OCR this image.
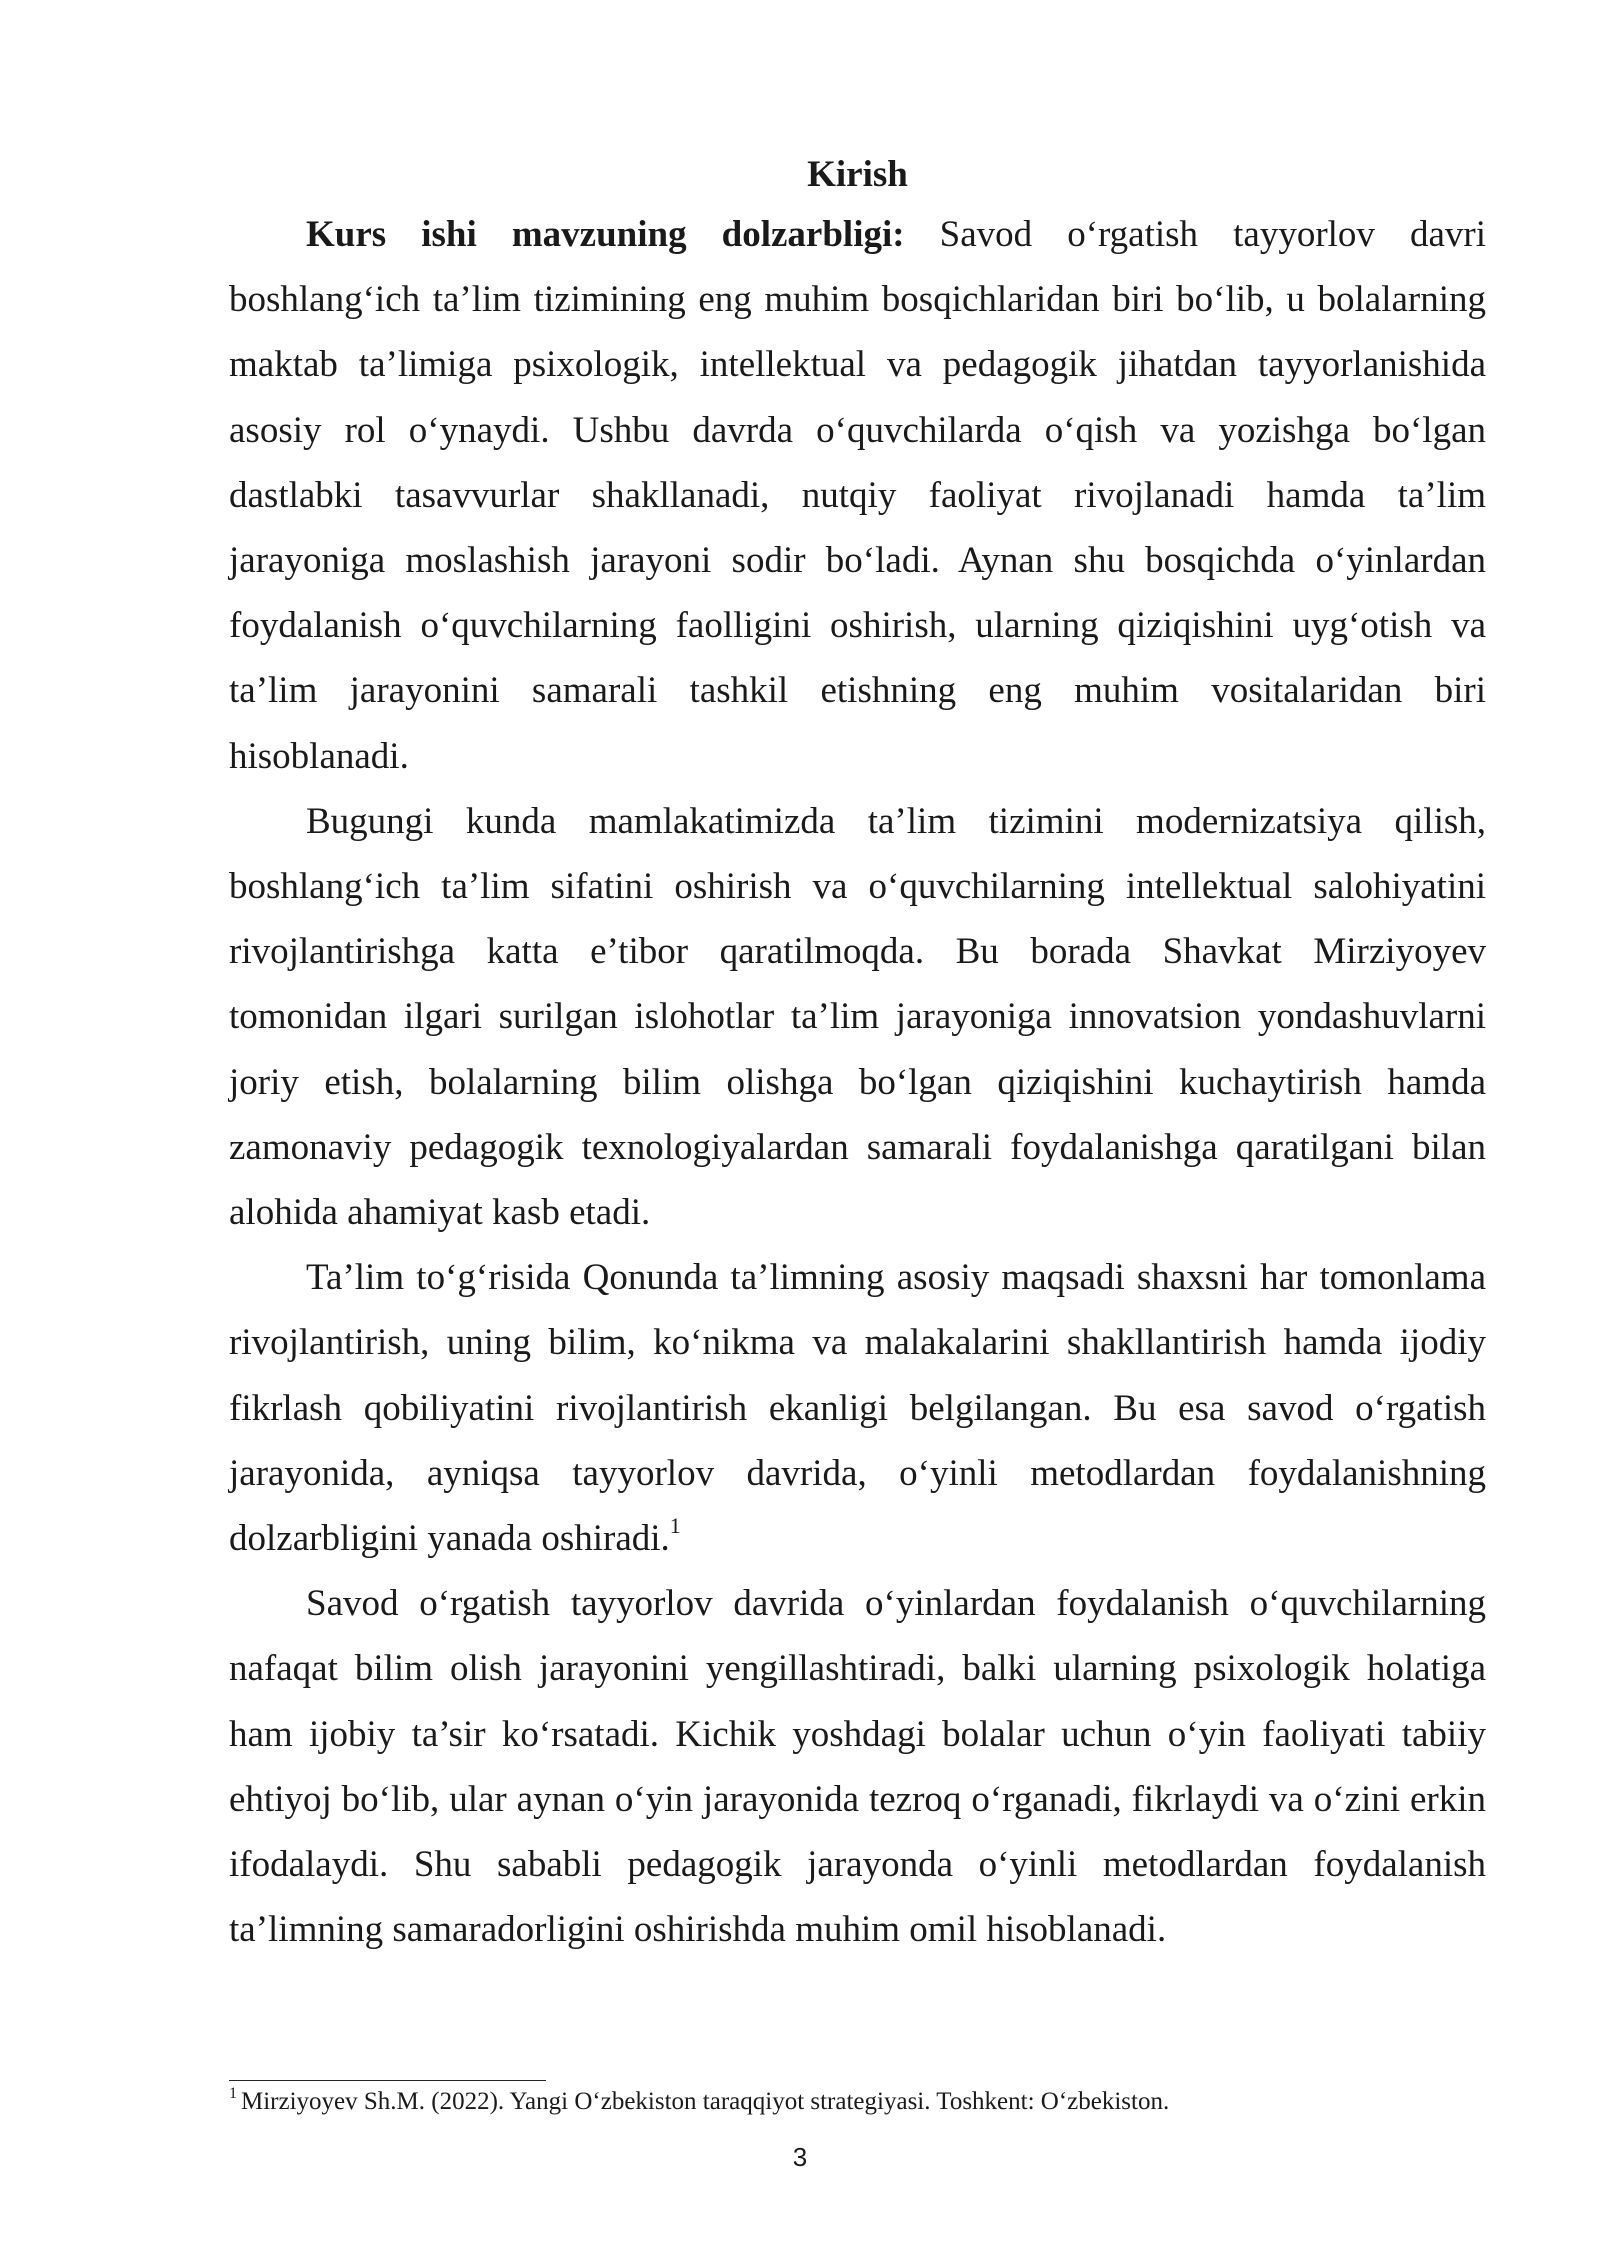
Kirish

Kurs ishi mavzuning dolzarbligi: Savod o‘rgatish tayyorlov davri boshlang‘ich ta’lim tizimining eng muhim bosqichlaridan biri bo‘lib, u bolalarning maktab ta’limiga psixologik, intellektual va pedagogik jihatdan tayyorlanishida asosiy rol o‘ynaydi. Ushbu davrda o‘quvchilarda o‘qish va yozishga bo‘lgan dastlabki tasavvurlar shakllanadi, nutqiy faoliyat rivojlanadi hamda ta’lim jarayoniga moslashish jarayoni sodir bo‘ladi. Aynan shu bosqichda o‘yinlardan foydalanish o‘quvchilarning faolligini oshirish, ularning qiziqishini uyg‘otish va ta’lim jarayonini samarali tashkil etishning eng muhim vositalaridan biri hisoblanadi.

Bugungi kunda mamlakatimizda ta’lim tizimini modernizatsiya qilish, boshlang‘ich ta’lim sifatini oshirish va o‘quvchilarning intellektual salohiyatini rivojlantirishga katta e’tibor qaratilmoqda. Bu borada Shavkat Mirziyoyev tomonidan ilgari surilgan islohotlar ta’lim jarayoniga innovatsion yondashuvlarni joriy etish, bolalarning bilim olishga bo‘lgan qiziqishini kuchaytirish hamda zamonaviy pedagogik texnologiyalardan samarali foydalanishga qaratilgani bilan alohida ahamiyat kasb etadi.

Ta’lim to‘g‘risida Qonunda ta’limning asosiy maqsadi shaxsni har tomonlama rivojlantirish, uning bilim, ko‘nikma va malakalarini shakllantirish hamda ijodiy fikrlash qobiliyatini rivojlantirish ekanligi belgilangan. Bu esa savod o‘rgatish jarayonida, ayniqsa tayyorlov davrida, o‘yinli metodlardan foydalanishning dolzarbligini yanada oshiradi.$^1$

Savod o‘rgatish tayyorlov davrida o‘yinlardan foydalanish o‘quvchilarning nafaqat bilim olish jarayonini yengillashtiradi, balki ularning psixologik holatiga ham ijobiy ta’sir ko‘rsatadi. Kichik yoshdagi bolalar uchun o‘yin faoliyati tabiiy ehtiyoj bo‘lib, ular aynan o‘yin jarayonida tezroq o‘rganadi, fikrlaydi va o‘zini erkin ifodalaydi. Shu sababli pedagogik jarayonda o‘yinli metodlardan foydalanish ta’limning samaradorligini oshirishda muhim omil hisoblanadi.

$^1$ Mirziyoyev Sh.M. (2022). Yangi O‘zbekiston taraqqiyot strategiyasi. Toshkent: O‘zbekiston.

3
